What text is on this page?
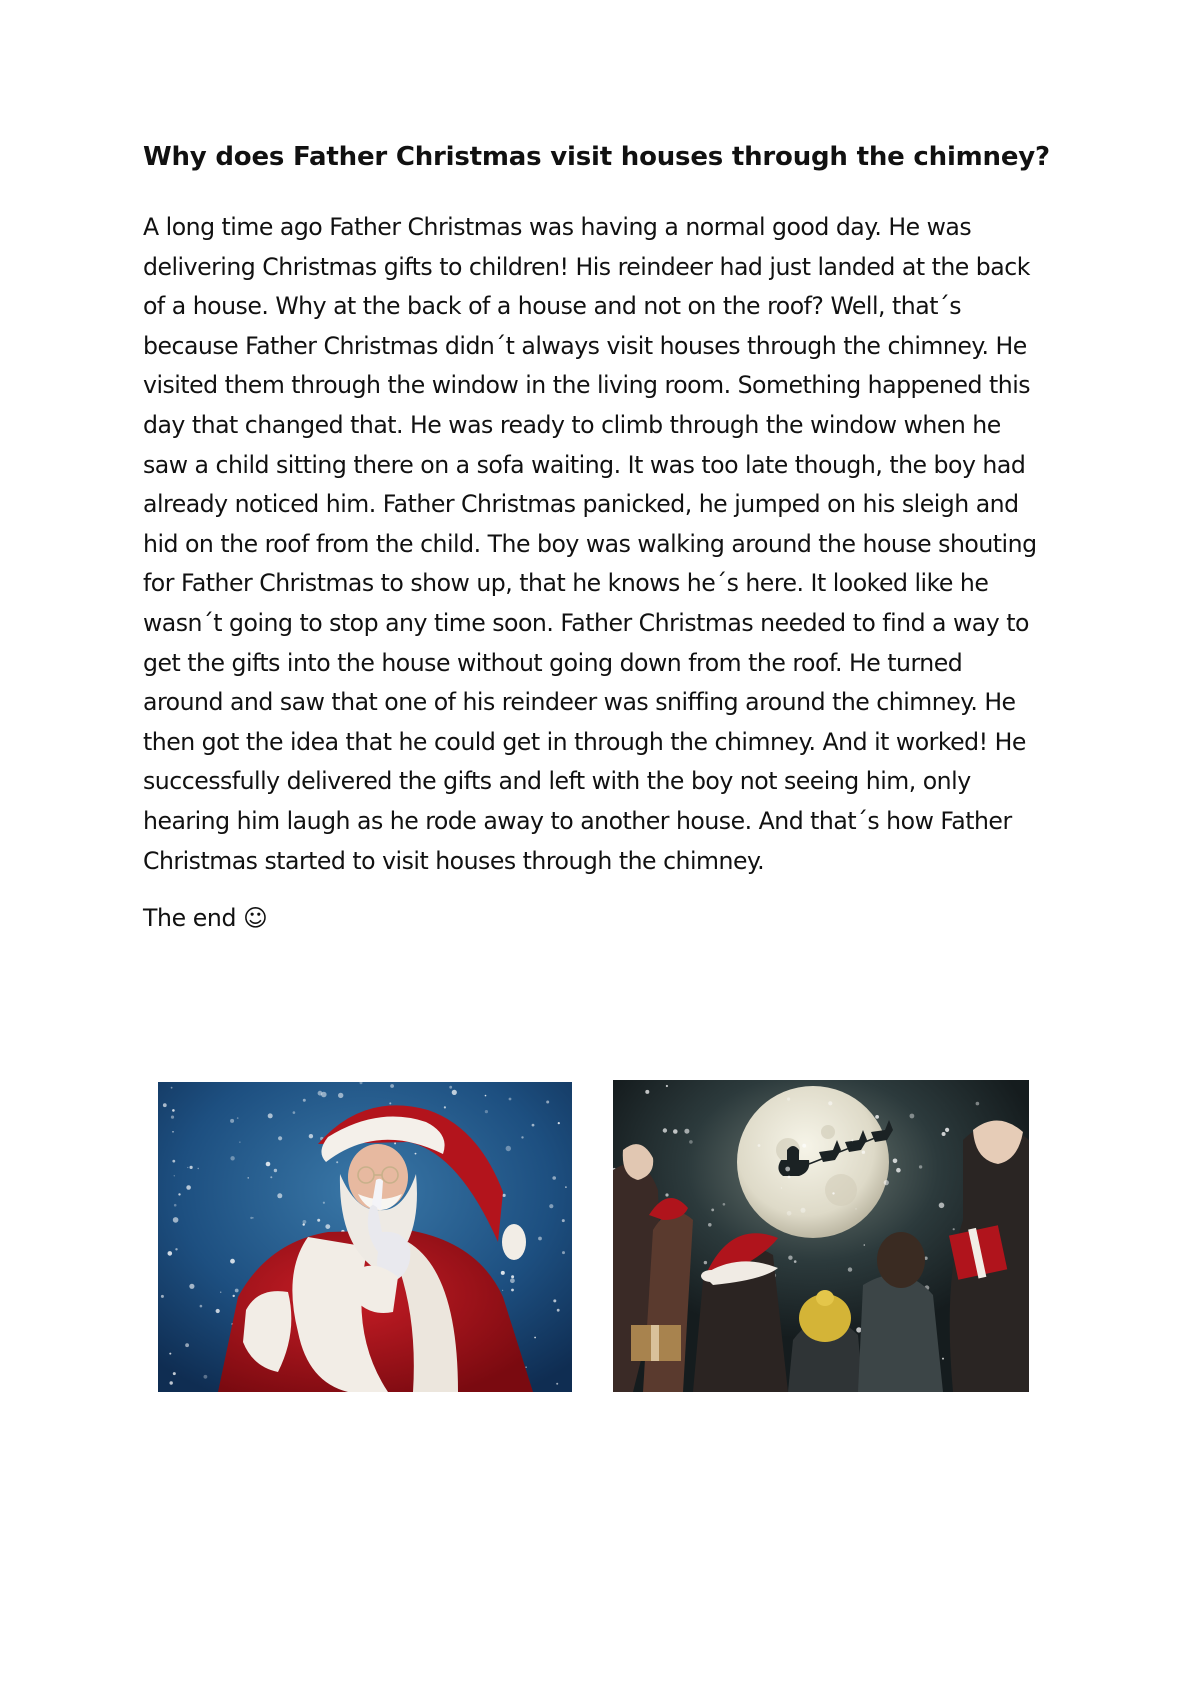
Why does Father Christmas visit houses through the chimney?
A long time ago Father Christmas was having a normal good day. He was
delivering Christmas gifts to children! His reindeer had just landed at the back
of a house. Why at the back of a house and not on the roof? Well, that´s
because Father Christmas didn´t always visit houses through the chimney. He
visited them through the window in the living room. Something happened this
day that changed that. He was ready to climb through the window when he
saw a child sitting there on a sofa waiting. It was too late though, the boy had
already noticed him. Father Christmas panicked, he jumped on his sleigh and
hid on the roof from the child. The boy was walking around the house shouting
for Father Christmas to show up, that he knows he´s here. It looked like he
wasn´t going to stop any time soon. Father Christmas needed to find a way to
get the gifts into the house without going down from the roof. He turned
around and saw that one of his reindeer was sniffing around the chimney. He
then got the idea that he could get in through the chimney. And it worked! He
successfully delivered the gifts and left with the boy not seeing him, only
hearing him laugh as he rode away to another house. And that´s how Father
Christmas started to visit houses through the chimney.

The end ☺
